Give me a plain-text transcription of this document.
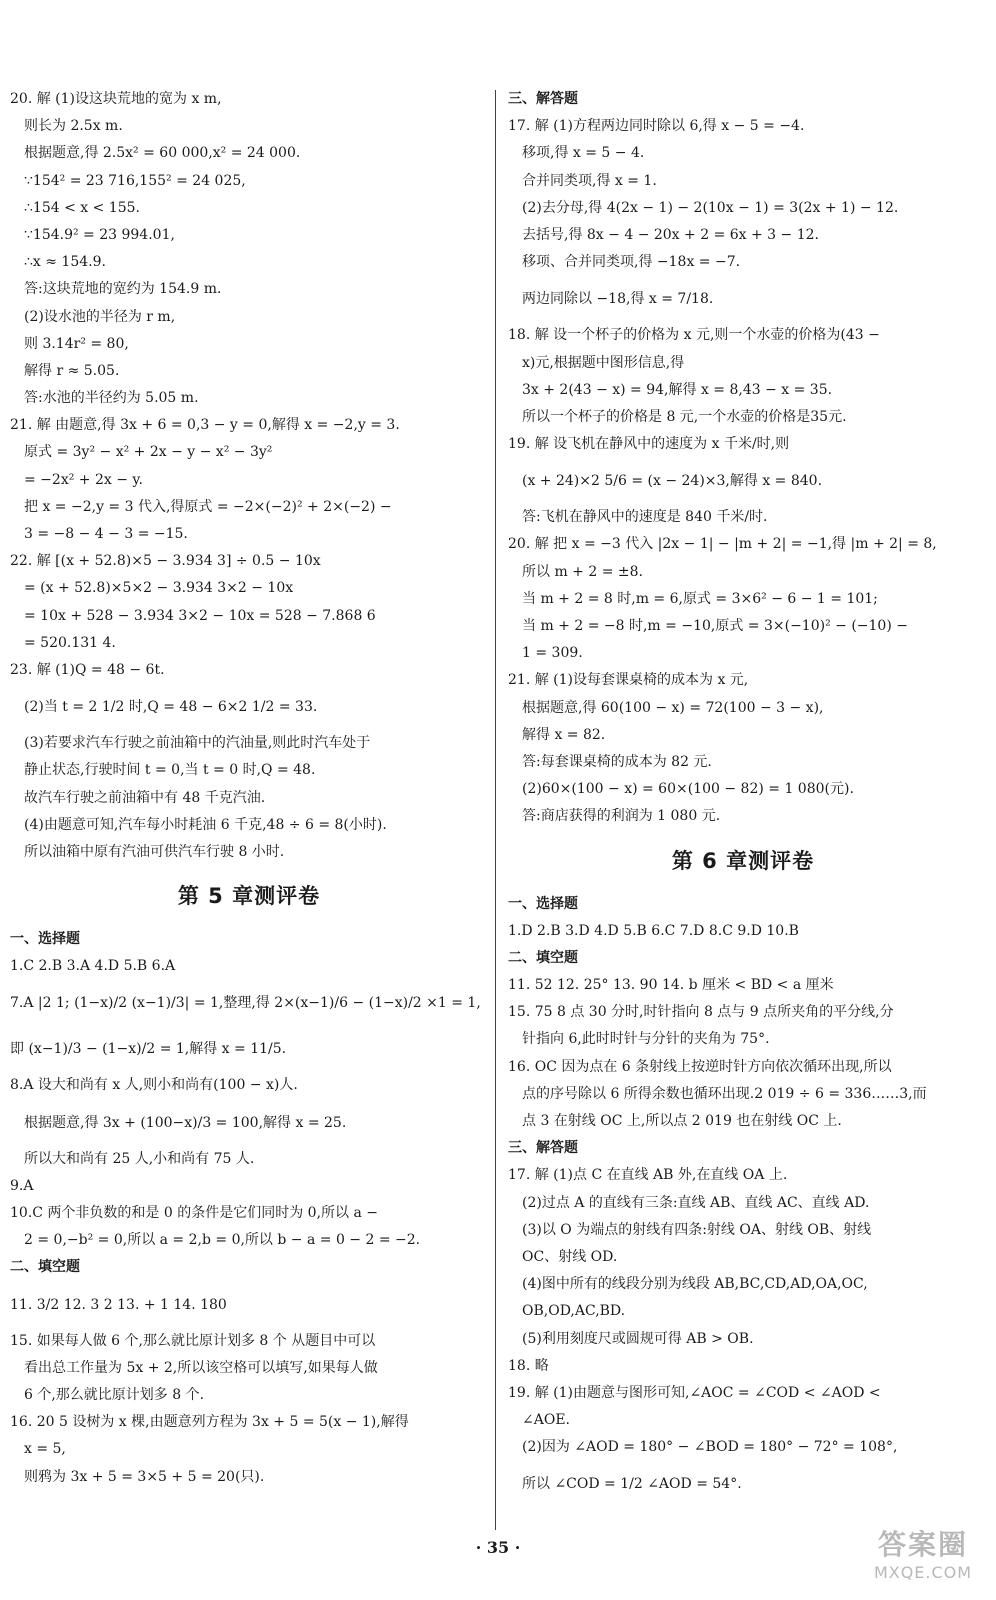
20. 解 (1)设这块荒地的宽为 x m,
则长为 2.5x m.
根据题意,得 2.5x² = 60 000,x² = 24 000.
∵154² = 23 716,155² = 24 025,
∴154 < x < 155.
∵154.9² = 23 994.01,
∴x ≈ 154.9.
答:这块荒地的宽约为 154.9 m.
(2)设水池的半径为 r m,
则 3.14r² = 80,
解得 r ≈ 5.05.
答:水池的半径约为 5.05 m.
21. 解 由题意,得 3x + 6 = 0,3 − y = 0,解得 x = −2,y = 3.
原式 = 3y² − x² + 2x − y − x² − 3y²
= −2x² + 2x − y.
把 x = −2,y = 3 代入,得原式 = −2×(−2)² + 2×(−2) −
3 = −8 − 4 − 3 = −15.
22. 解 [(x + 52.8)×5 − 3.934 3] ÷ 0.5 − 10x
= (x + 52.8)×5×2 − 3.934 3×2 − 10x
= 10x + 528 − 3.934 3×2 − 10x = 528 − 7.868 6
= 520.131 4.
23. 解 (1)Q = 48 − 6t.
(2)当 t = 2 1/2 时,Q = 48 − 6×2 1/2 = 33.
(3)若要求汽车行驶之前油箱中的汽油量,则此时汽车处于
静止状态,行驶时间 t = 0,当 t = 0 时,Q = 48.
故汽车行驶之前油箱中有 48 千克汽油.
(4)由题意可知,汽车每小时耗油 6 千克,48 ÷ 6 = 8(小时).
所以油箱中原有汽油可供汽车行驶 8 小时.
第 5 章测评卷
一、选择题
1.C 2.B 3.A 4.D 5.B 6.A
7.A |2 1; (1−x)/2 (x−1)/3| = 1,整理,得 2×(x−1)/6 − (1−x)/2 ×1 = 1,
即 (x−1)/3 − (1−x)/2 = 1,解得 x = 11/5.
8.A 设大和尚有 x 人,则小和尚有(100 − x)人.
根据题意,得 3x + (100−x)/3 = 100,解得 x = 25.
所以大和尚有 25 人,小和尚有 75 人.
9.A
10.C 两个非负数的和是 0 的条件是它们同时为 0,所以 a −
2 = 0,−b² = 0,所以 a = 2,b = 0,所以 b − a = 0 − 2 = −2.
二、填空题
11. 3/2 12. 3 2 13. + 1 14. 180
15. 如果每人做 6 个,那么就比原计划多 8 个 从题目中可以
看出总工作量为 5x + 2,所以该空格可以填写,如果每人做
6 个,那么就比原计划多 8 个.
16. 20 5 设树为 x 棵,由题意列方程为 3x + 5 = 5(x − 1),解得
x = 5,
则鸦为 3x + 5 = 3×5 + 5 = 20(只).
三、解答题
17. 解 (1)方程两边同时除以 6,得 x − 5 = −4.
移项,得 x = 5 − 4.
合并同类项,得 x = 1.
(2)去分母,得 4(2x − 1) − 2(10x − 1) = 3(2x + 1) − 12.
去括号,得 8x − 4 − 20x + 2 = 6x + 3 − 12.
移项、合并同类项,得 −18x = −7.
两边同除以 −18,得 x = 7/18.
18. 解 设一个杯子的价格为 x 元,则一个水壶的价格为(43 −
x)元,根据题中图形信息,得
3x + 2(43 − x) = 94,解得 x = 8,43 − x = 35.
所以一个杯子的价格是 8 元,一个水壶的价格是35元.
19. 解 设飞机在静风中的速度为 x 千米/时,则
(x + 24)×2 5/6 = (x − 24)×3,解得 x = 840.
答:飞机在静风中的速度是 840 千米/时.
20. 解 把 x = −3 代入 |2x − 1| − |m + 2| = −1,得 |m + 2| = 8,
所以 m + 2 = ±8.
当 m + 2 = 8 时,m = 6,原式 = 3×6² − 6 − 1 = 101;
当 m + 2 = −8 时,m = −10,原式 = 3×(−10)² − (−10) −
1 = 309.
21. 解 (1)设每套课桌椅的成本为 x 元,
根据题意,得 60(100 − x) = 72(100 − 3 − x),
解得 x = 82.
答:每套课桌椅的成本为 82 元.
(2)60×(100 − x) = 60×(100 − 82) = 1 080(元).
答:商店获得的利润为 1 080 元.
第 6 章测评卷
一、选择题
1.D 2.B 3.D 4.D 5.B 6.C 7.D 8.C 9.D 10.B
二、填空题
11. 52 12. 25° 13. 90 14. b 厘米 < BD < a 厘米
15. 75 8 点 30 分时,时针指向 8 点与 9 点所夹角的平分线,分
针指向 6,此时时针与分针的夹角为 75°.
16. OC 因为点在 6 条射线上按逆时针方向依次循环出现,所以
点的序号除以 6 所得余数也循环出现.2 019 ÷ 6 = 336……3,而
点 3 在射线 OC 上,所以点 2 019 也在射线 OC 上.
三、解答题
17. 解 (1)点 C 在直线 AB 外,在直线 OA 上.
(2)过点 A 的直线有三条:直线 AB、直线 AC、直线 AD.
(3)以 O 为端点的射线有四条:射线 OA、射线 OB、射线
OC、射线 OD.
(4)图中所有的线段分别为线段 AB,BC,CD,AD,OA,OC,
OB,OD,AC,BD.
(5)利用刻度尺或圆规可得 AB > OB.
18. 略
19. 解 (1)由题意与图形可知,∠AOC = ∠COD < ∠AOD <
∠AOE.
(2)因为 ∠AOD = 180° − ∠BOD = 180° − 72° = 108°,
所以 ∠COD = 1/2 ∠AOD = 54°.
· 35 ·	答案圈
MXQE.COM
